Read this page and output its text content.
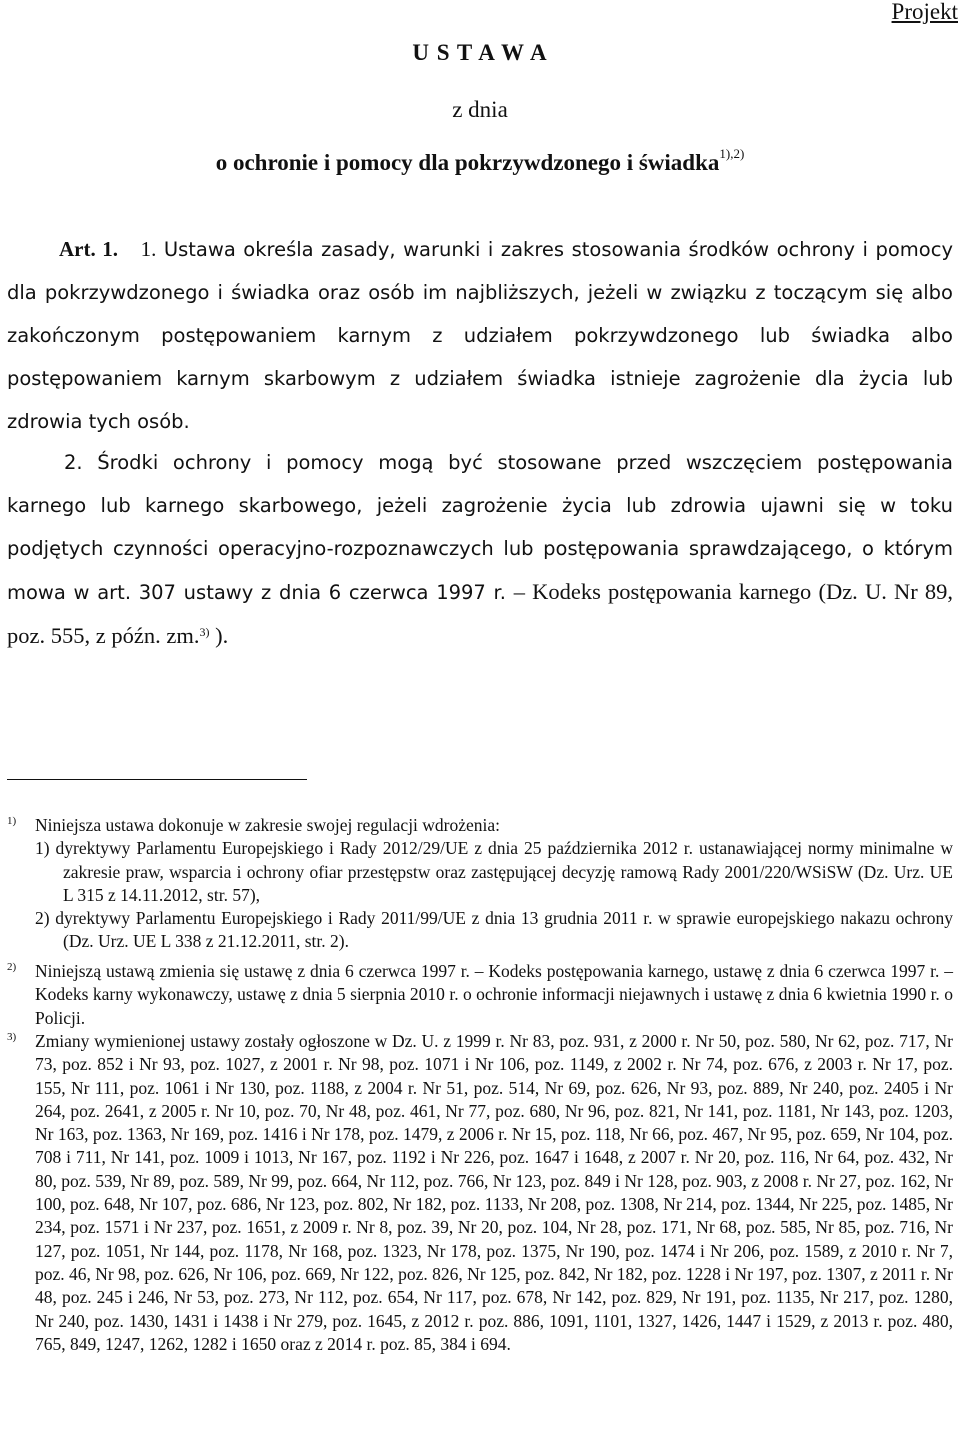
Projekt
U S T A W A
z dnia
o ochronie i pomocy dla pokrzywdzonego i świadka$^{1),2)}$
Art. 1. 1. Ustawa określa zasady, warunki i zakres stosowania środków ochrony i pomocy dla pokrzywdzonego i świadka oraz osób im najbliższych, jeżeli w związku z toczącym się albo zakończonym postępowaniem karnym z udziałem pokrzywdzonego lub świadka albo postępowaniem karnym skarbowym z udziałem świadka istnieje zagrożenie dla życia lub zdrowia tych osób.
2. Środki ochrony i pomocy mogą być stosowane przed wszczęciem postępowania karnego lub karnego skarbowego, jeżeli zagrożenie życia lub zdrowia ujawni się w toku podjętych czynności operacyjno-rozpoznawczych lub postępowania sprawdzającego, o którym mowa w art. 307 ustawy z dnia 6 czerwca 1997 r. – Kodeks postępowania karnego (Dz. U. Nr 89, poz. 555, z późn. zm.$^{3)}$ ).
1) Niniejsza ustawa dokonuje w zakresie swojej regulacji wdrożenia:
1) dyrektywy Parlamentu Europejskiego i Rady 2012/29/UE z dnia 25 października 2012 r. ustanawiającej normy minimalne w zakresie praw, wsparcia i ochrony ofiar przestępstw oraz zastępującej decyzję ramową Rady 2001/220/WSiSW (Dz. Urz. UE L 315 z 14.11.2012, str. 57),
2) dyrektywy Parlamentu Europejskiego i Rady 2011/99/UE z dnia 13 grudnia 2011 r. w sprawie europejskiego nakazu ochrony (Dz. Urz. UE L 338 z 21.12.2011, str. 2).
2) Niniejszą ustawą zmienia się ustawę z dnia 6 czerwca 1997 r. – Kodeks postępowania karnego, ustawę z dnia 6 czerwca 1997 r. – Kodeks karny wykonawczy, ustawę z dnia 5 sierpnia 2010 r. o ochronie informacji niejawnych i ustawę z dnia 6 kwietnia 1990 r. o Policji.
3) Zmiany wymienionej ustawy zostały ogłoszone w Dz. U. z 1999 r. Nr 83, poz. 931, z 2000 r. Nr 50, poz. 580, Nr 62, poz. 717, Nr 73, poz. 852 i Nr 93, poz. 1027, z 2001 r. Nr 98, poz. 1071 i Nr 106, poz. 1149, z 2002 r. Nr 74, poz. 676, z 2003 r. Nr 17, poz. 155, Nr 111, poz. 1061 i Nr 130, poz. 1188, z 2004 r. Nr 51, poz. 514, Nr 69, poz. 626, Nr 93, poz. 889, Nr 240, poz. 2405 i Nr 264, poz. 2641, z 2005 r. Nr 10, poz. 70, Nr 48, poz. 461, Nr 77, poz. 680, Nr 96, poz. 821, Nr 141, poz. 1181, Nr 143, poz. 1203, Nr 163, poz. 1363, Nr 169, poz. 1416 i Nr 178, poz. 1479, z 2006 r. Nr 15, poz. 118, Nr 66, poz. 467, Nr 95, poz. 659, Nr 104, poz. 708 i 711, Nr 141, poz. 1009 i 1013, Nr 167, poz. 1192 i Nr 226, poz. 1647 i 1648, z 2007 r. Nr 20, poz. 116, Nr 64, poz. 432, Nr 80, poz. 539, Nr 89, poz. 589, Nr 99, poz. 664, Nr 112, poz. 766, Nr 123, poz. 849 i Nr 128, poz. 903, z 2008 r. Nr 27, poz. 162, Nr 100, poz. 648, Nr 107, poz. 686, Nr 123, poz. 802, Nr 182, poz. 1133, Nr 208, poz. 1308, Nr 214, poz. 1344, Nr 225, poz. 1485, Nr 234, poz. 1571 i Nr 237, poz. 1651, z 2009 r. Nr 8, poz. 39, Nr 20, poz. 104, Nr 28, poz. 171, Nr 68, poz. 585, Nr 85, poz. 716, Nr 127, poz. 1051, Nr 144, poz. 1178, Nr 168, poz. 1323, Nr 178, poz. 1375, Nr 190, poz. 1474 i Nr 206, poz. 1589, z 2010 r. Nr 7, poz. 46, Nr 98, poz. 626, Nr 106, poz. 669, Nr 122, poz. 826, Nr 125, poz. 842, Nr 182, poz. 1228 i Nr 197, poz. 1307, z 2011 r. Nr 48, poz. 245 i 246, Nr 53, poz. 273, Nr 112, poz. 654, Nr 117, poz. 678, Nr 142, poz. 829, Nr 191, poz. 1135, Nr 217, poz. 1280, Nr 240, poz. 1430, 1431 i 1438 i Nr 279, poz. 1645, z 2012 r. poz. 886, 1091, 1101, 1327, 1426, 1447 i 1529, z 2013 r. poz. 480, 765, 849, 1247, 1262, 1282 i 1650 oraz z 2014 r. poz. 85, 384 i 694.
